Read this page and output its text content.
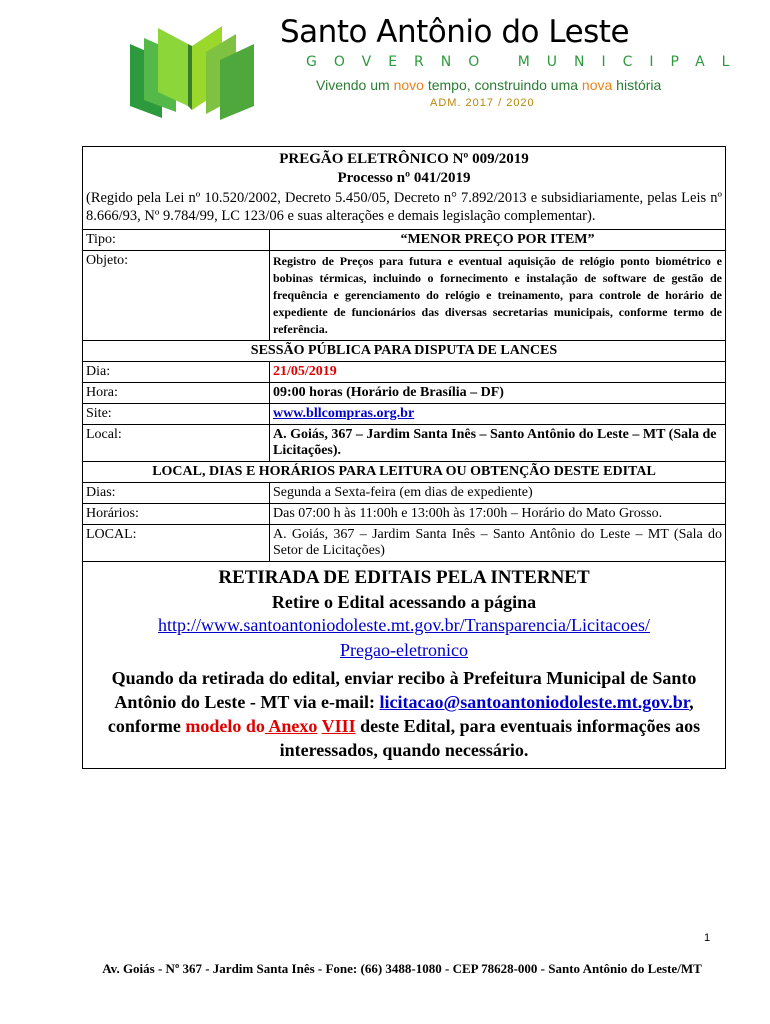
Santo Antônio do Leste
GOVERNO MUNICIPAL
Vivendo um novo tempo, construindo uma nova história
ADM. 2017 / 2020
PREGÃO ELETRÔNICO Nº 009/2019
Processo nº 041/2019
(Regido pela Lei nº 10.520/2002, Decreto 5.450/05, Decreto n° 7.892/2013 e subsidiariamente, pelas Leis nº 8.666/93, Nº 9.784/99, LC 123/06 e suas alterações e demais legislação complementar).	

Tipo:	“MENOR PREÇO POR ITEM”
Objeto:	Registro de Preços para futura e eventual aquisição de relógio ponto biométrico e bobinas térmicas, incluindo o fornecimento e instalação de software de gestão de frequência e gerenciamento do relógio e treinamento, para controle de horário de expediente de funcionários das diversas secretarias municipais, conforme termo de referência.
SESSÃO PÚBLICA PARA DISPUTA DE LANCES	
Dia:	21/05/2019
Hora:	09:00 horas (Horário de Brasília – DF)
Site:	www.bllcompras.org.br
Local:	A. Goiás, 367 – Jardim Santa Inês – Santo Antônio do Leste – MT (Sala de Licitações).
LOCAL, DIAS E HORÁRIOS PARA LEITURA OU OBTENÇÃO DESTE EDITAL	
Dias:	Segunda a Sexta-feira (em dias de expediente)
Horários:	Das 07:00 h às 11:00h e 13:00h às 17:00h – Horário do Mato Grosso.
LOCAL:	A. Goiás, 367 – Jardim Santa Inês – Santo Antônio do Leste – MT (Sala do Setor de Licitações)

RETIRADA DE EDITAIS PELA INTERNET
Retire o Edital acessando a página
http://www.santoantoniodoleste.mt.gov.br/Transparencia/Licitacoes/
Pregao-eletronico
Quando da retirada do edital, enviar recibo à Prefeitura Municipal de Santo Antônio do Leste - MT via e-mail: licitacao@santoantoniodoleste.mt.gov.br, conforme modelo do Anexo VIII deste Edital, para eventuais informações aos interessados, quando necessário.	
1
Av. Goiás - Nº 367 - Jardim Santa Inês - Fone: (66) 3488-1080 - CEP 78628-000 - Santo Antônio do Leste/MT
